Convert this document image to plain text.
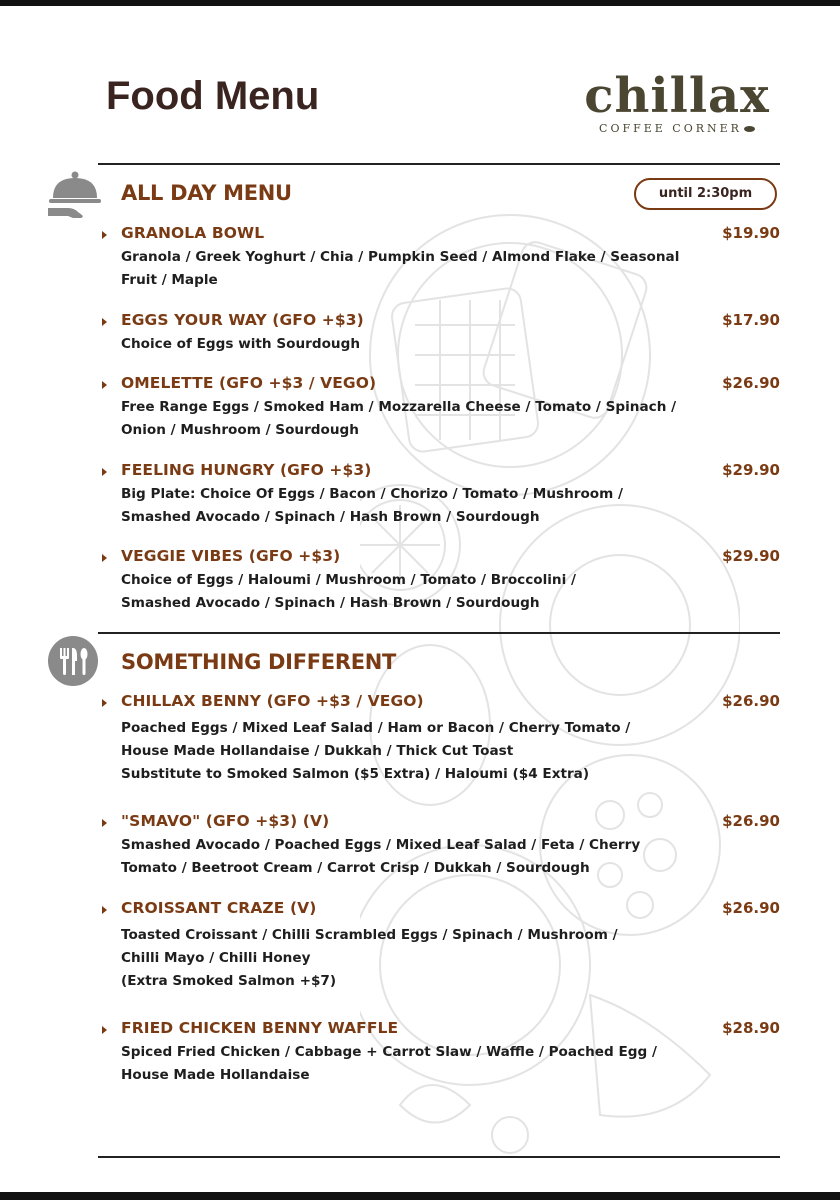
Food Menu	chillax
COFFEE CORNER
ALL DAY MENU	until 2:30pm
GRANOLA BOWL	$19.90

Granola / Greek Yoghurt / Chia / Pumpkin Seed / Almond Flake / Seasonal
Fruit / Maple

EGGS YOUR WAY (GFO +$3)	$17.90

Choice of Eggs with Sourdough

OMELETTE (GFO +$3 / VEGO)	$26.90

Free Range Eggs / Smoked Ham / Mozzarella Cheese / Tomato / Spinach /
Onion / Mushroom / Sourdough

FEELING HUNGRY (GFO +$3)	$29.90

Big Plate: Choice Of Eggs / Bacon / Chorizo / Tomato / Mushroom /
Smashed Avocado / Spinach / Hash Brown / Sourdough

VEGGIE VIBES (GFO +$3)	$29.90

Choice of Eggs / Haloumi / Mushroom / Tomato / Broccolini /
Smashed Avocado / Spinach / Hash Brown / Sourdough

SOMETHING DIFFERENT
CHILLAX BENNY (GFO +$3 / VEGO)	$26.90

Poached Eggs / Mixed Leaf Salad / Ham or Bacon / Cherry Tomato /
House Made Hollandaise / Dukkah / Thick Cut Toast
Substitute to Smoked Salmon ($5 Extra) / Haloumi ($4 Extra)

"SMAVO" (GFO +$3) (V)	$26.90

Smashed Avocado / Poached Eggs / Mixed Leaf Salad / Feta / Cherry
Tomato / Beetroot Cream / Carrot Crisp / Dukkah / Sourdough

CROISSANT CRAZE (V)	$26.90

Toasted Croissant / Chilli Scrambled Eggs / Spinach / Mushroom /
Chilli Mayo / Chilli Honey
(Extra Smoked Salmon +$7)

FRIED CHICKEN BENNY WAFFLE	$28.90

Spiced Fried Chicken / Cabbage + Carrot Slaw / Waffle / Poached Egg /
House Made Hollandaise
